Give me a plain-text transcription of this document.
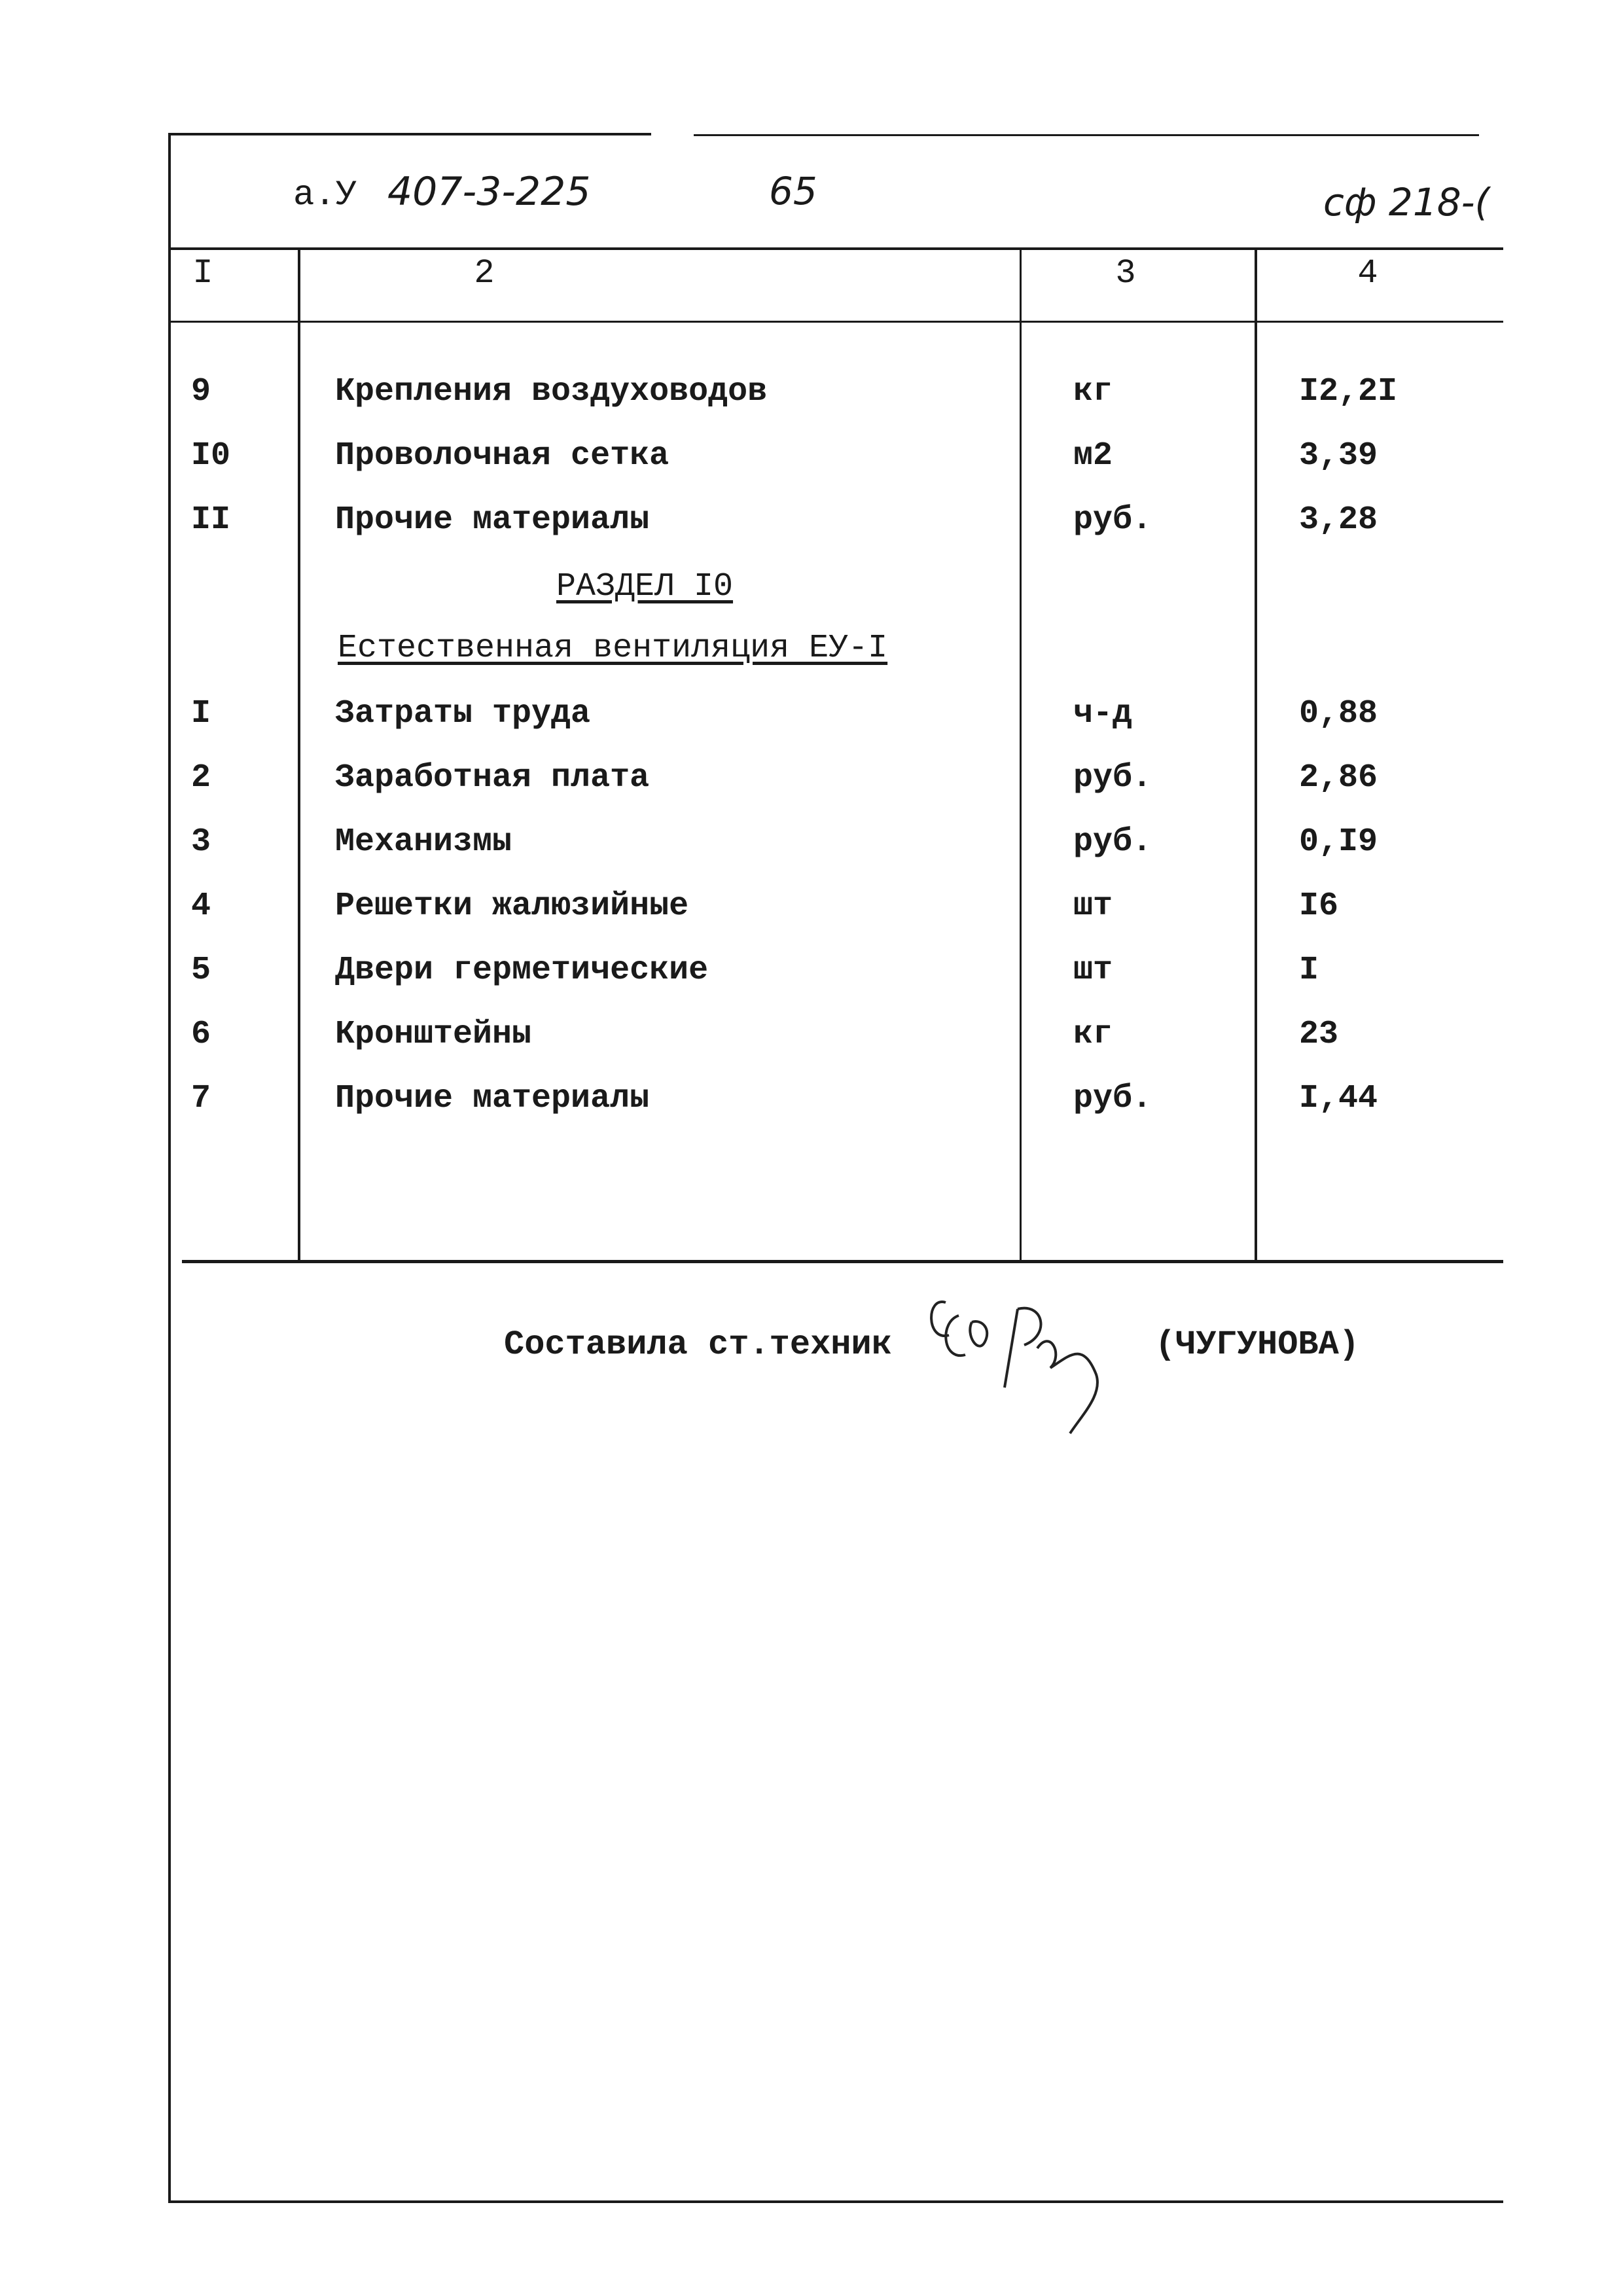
а.У 407-3-225	65	сф 218-(
I	2	3	4
9	Крепления воздуховодов	кг	I2,2I
I0	Проволочная сетка	м2	3,39
II	Прочие материалы	руб.	3,28
РАЗДЕЛ I0
Естественная вентиляция ЕУ-I
I	Затраты труда	ч-д	0,88
2	Заработная плата	руб.	2,86
3	Механизмы	руб.	0,I9
4	Решетки жалюзийные	шт	I6
5	Двери герметические	шт	I
6	Кронштейны	кг	23
7	Прочие материалы	руб.	I,44
Составила ст.техник	(ЧУГУНОВА)
